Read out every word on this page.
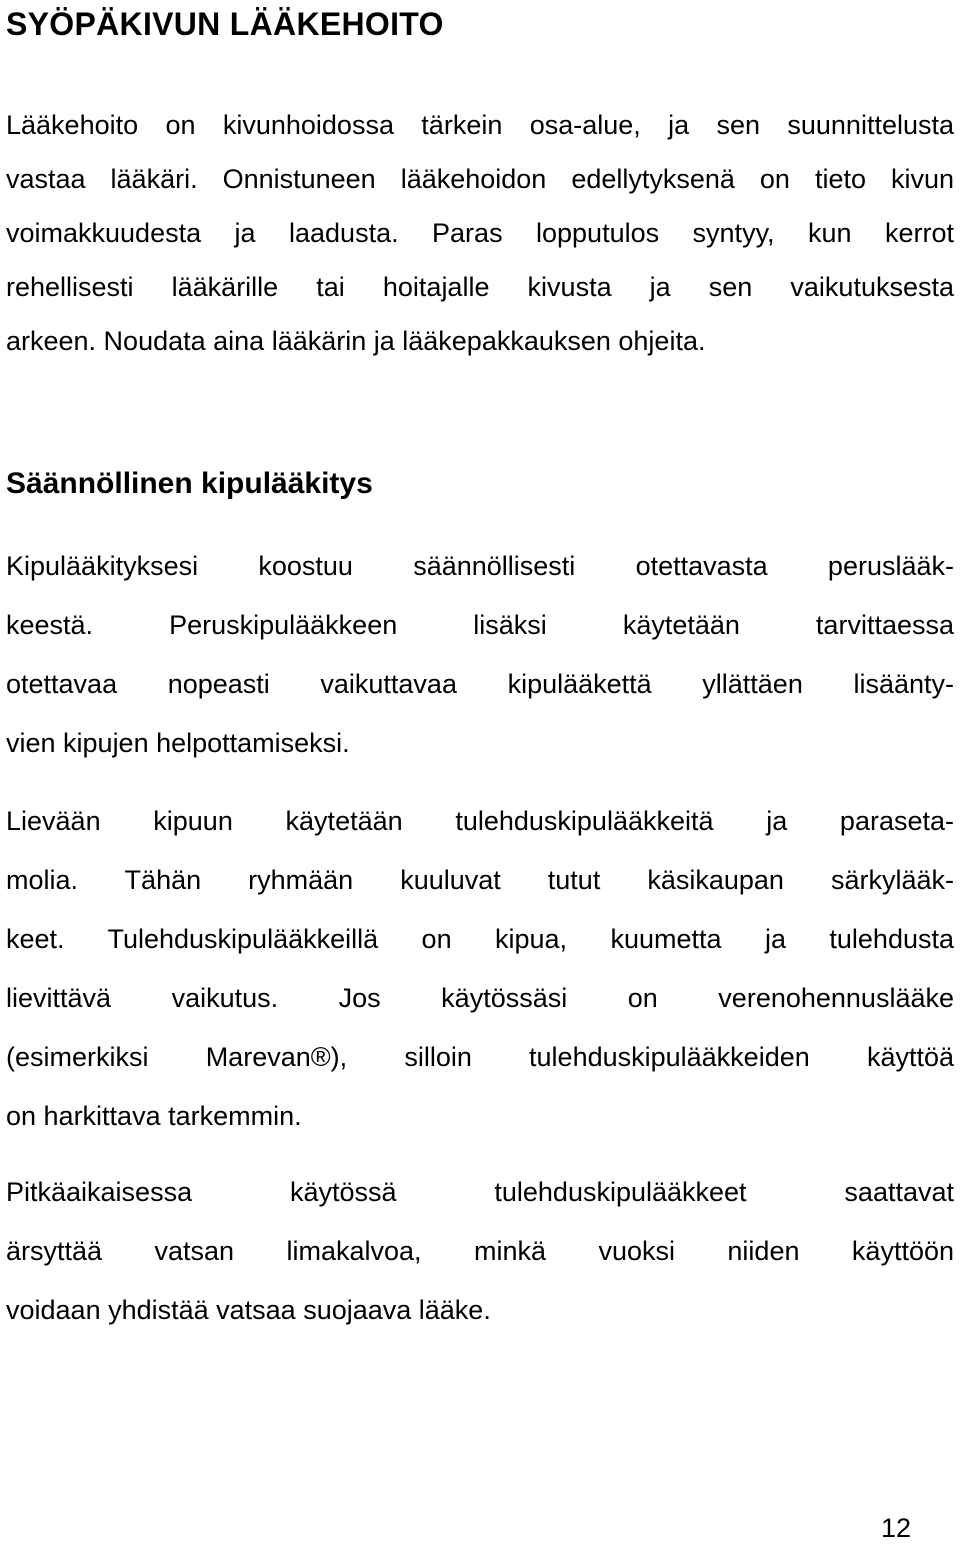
SYÖPÄKIVUN LÄÄKEHOITO

Lääkehoito on kivunhoidossa tärkein osa-alue, ja sen suunnittelusta
vastaa lääkäri. Onnistuneen lääkehoidon edellytyksenä on tieto kivun
voimakkuudesta ja laadusta. Paras lopputulos syntyy, kun kerrot
rehellisesti lääkärille tai hoitajalle kivusta ja sen vaikutuksesta
arkeen. Noudata aina lääkärin ja lääkepakkauksen ohjeita.

Säännöllinen kipulääkitys

Kipulääkityksesi koostuu säännöllisesti otettavasta peruslääk-
keestä. Peruskipulääkkeen lisäksi käytetään tarvittaessa
otettavaa nopeasti vaikuttavaa kipulääkettä yllättäen lisäänty-
vien kipujen helpottamiseksi.

Lievään kipuun käytetään tulehduskipulääkkeitä ja paraseta-
molia. Tähän ryhmään kuuluvat tutut käsikaupan särkylääk-
keet. Tulehduskipulääkkeillä on kipua, kuumetta ja tulehdusta
lievittävä vaikutus. Jos käytössäsi on verenohennuslääke
(esimerkiksi Marevan®), silloin tulehduskipulääkkeiden käyttöä
on harkittava tarkemmin.

Pitkäaikaisessa käytössä tulehduskipulääkkeet saattavat
ärsyttää vatsan limakalvoa, minkä vuoksi niiden käyttöön
voidaan yhdistää vatsaa suojaava lääke.

12
